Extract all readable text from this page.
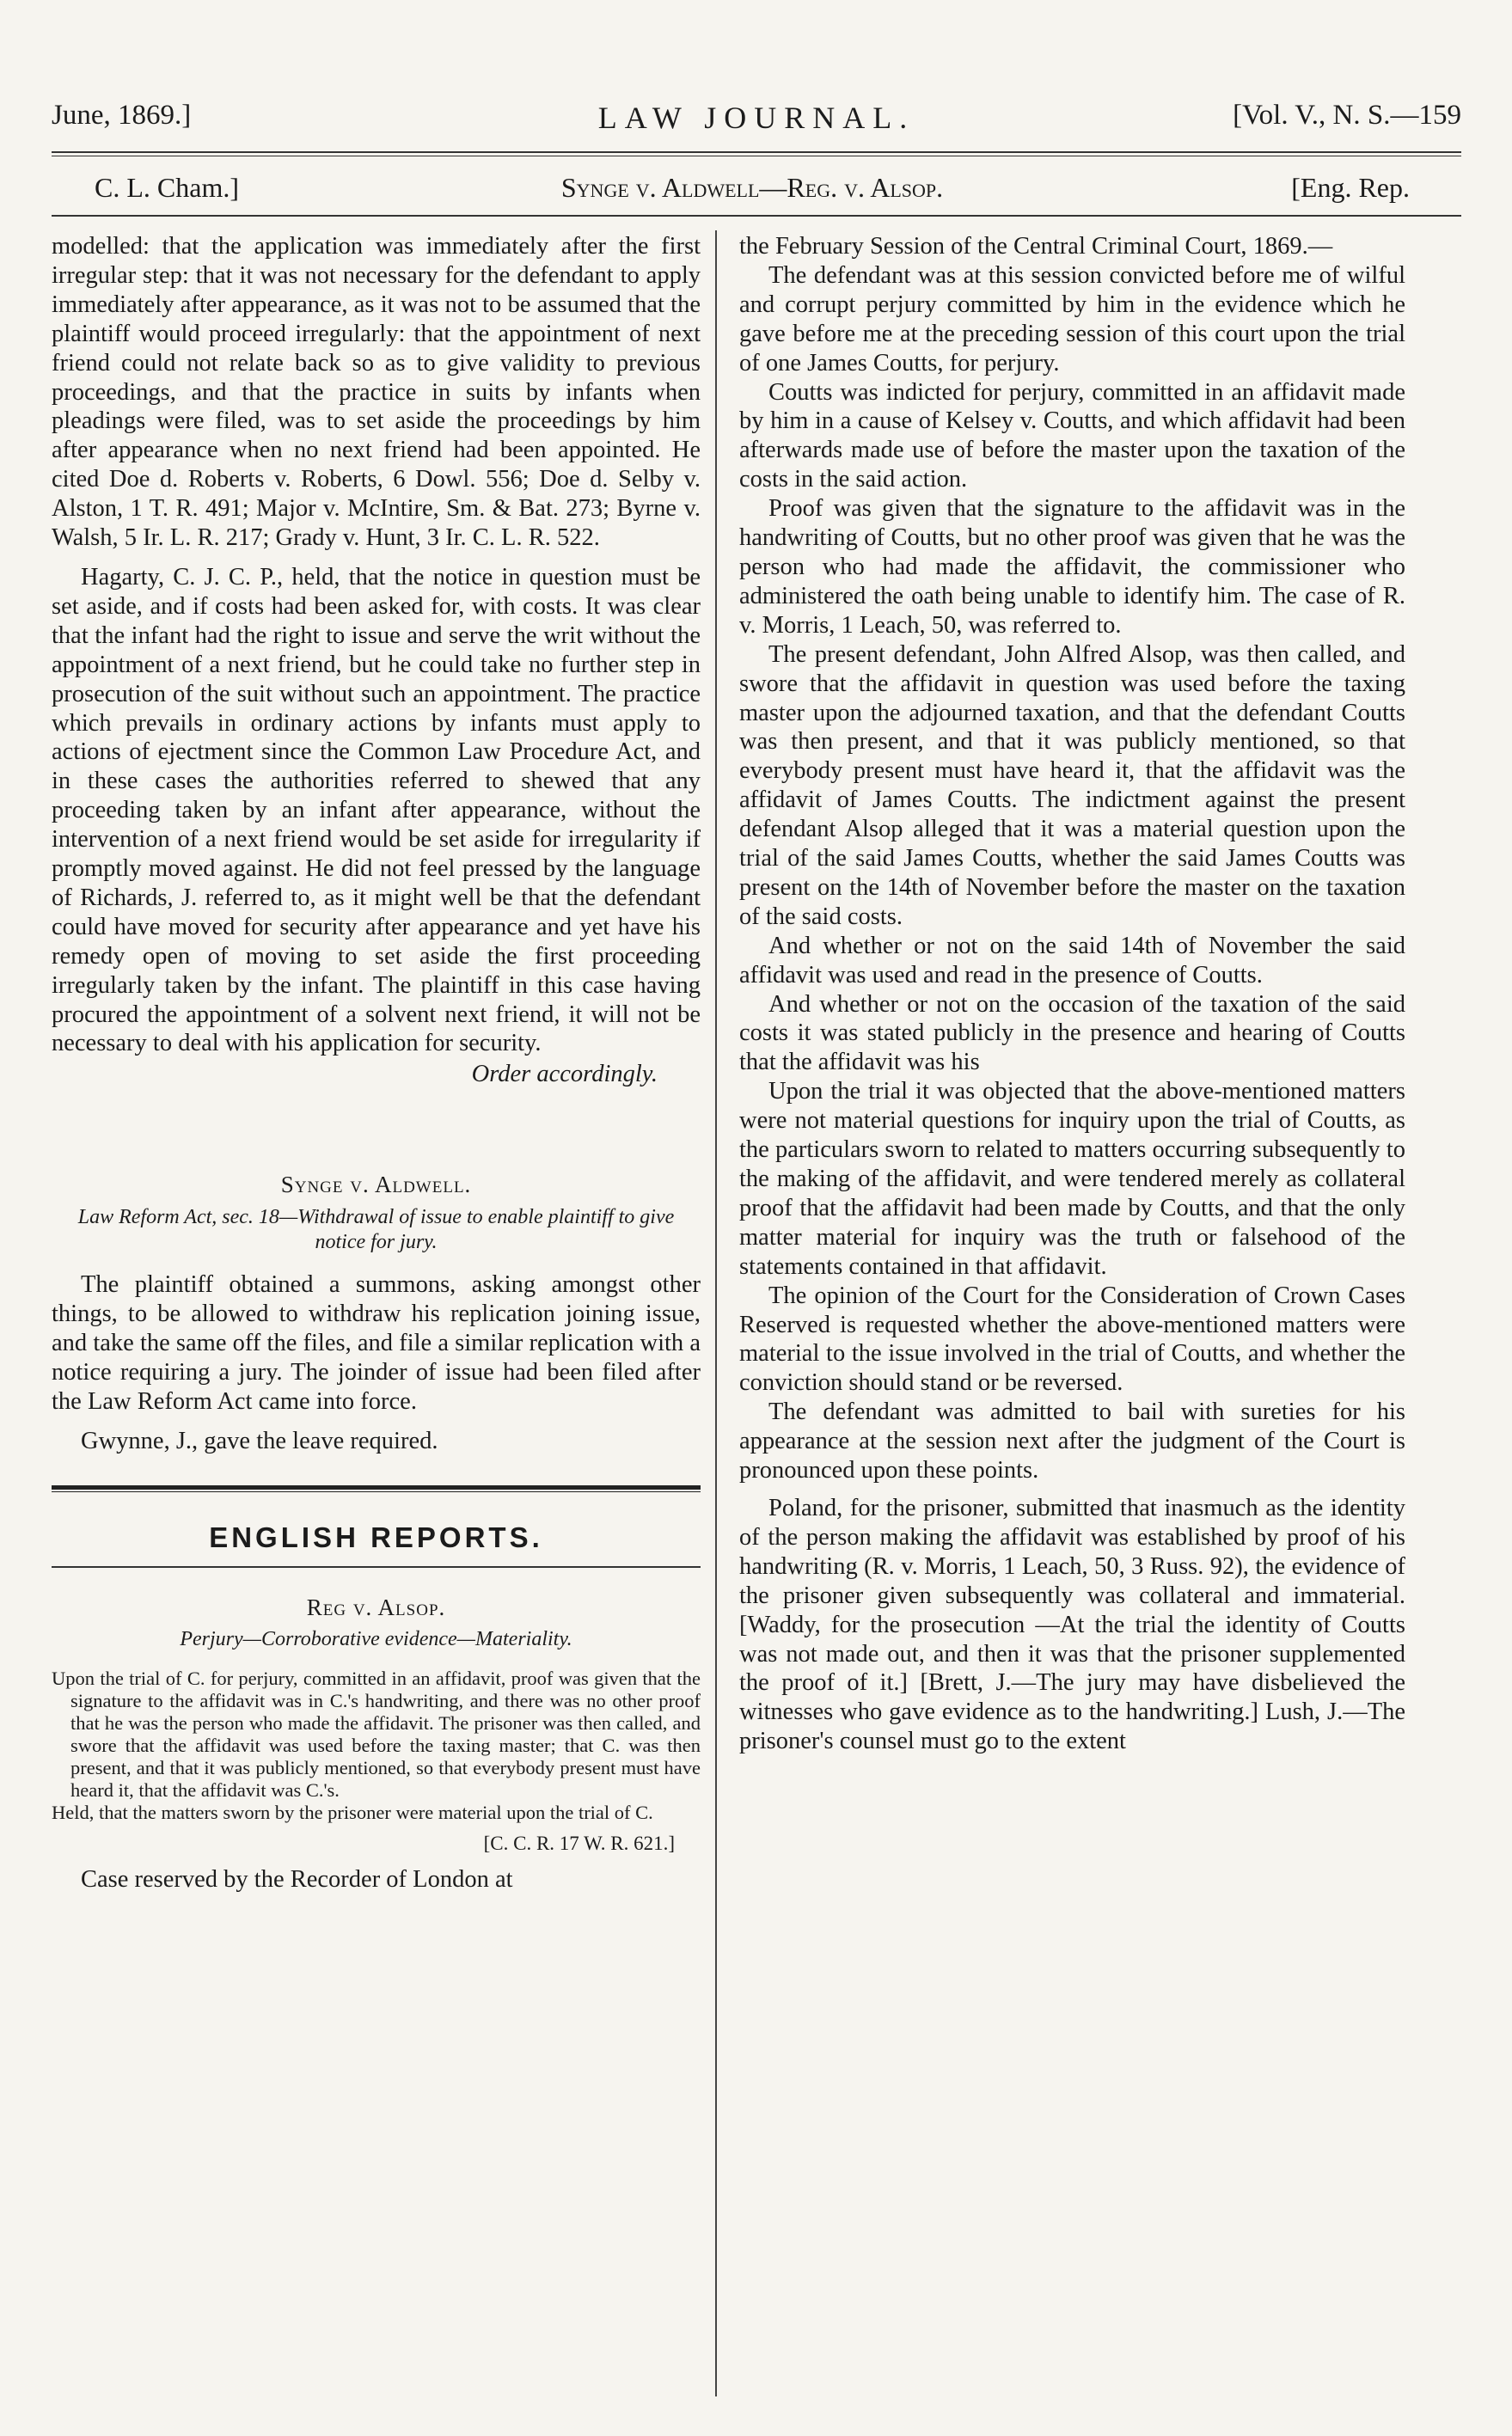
June, 1869.]	LAW JOURNAL.	[Vol. V., N. S.—159
C. L. Cham.]	Synge v. Aldwell—Reg. v. Alsop.	[Eng. Rep.

modelled: that the application was immediately after the first irregular step: that it was not necessary for the defendant to apply immediately after appearance, as it was not to be assumed that the plaintiff would proceed irregularly: that the appointment of next friend could not relate back so as to give validity to previous proceedings, and that the practice in suits by infants when pleadings were filed, was to set aside the proceedings by him after appearance when no next friend had been appointed. He cited Doe d. Roberts v. Roberts, 6 Dowl. 556; Doe d. Selby v. Alston, 1 T. R. 491; Major v. McIntire, Sm. & Bat. 273; Byrne v. Walsh, 5 Ir. L. R. 217; Grady v. Hunt, 3 Ir. C. L. R. 522.

Hagarty, C. J. C. P., held, that the notice in question must be set aside, and if costs had been asked for, with costs. It was clear that the infant had the right to issue and serve the writ without the appointment of a next friend, but he could take no further step in prosecution of the suit without such an appointment. The practice which prevails in ordinary actions by infants must apply to actions of ejectment since the Common Law Procedure Act, and in these cases the authorities referred to shewed that any proceeding taken by an infant after appearance, without the intervention of a next friend would be set aside for irregularity if promptly moved against. He did not feel pressed by the language of Richards, J. referred to, as it might well be that the defendant could have moved for security after appearance and yet have his remedy open of moving to set aside the first proceeding irregularly taken by the infant. The plaintiff in this case having procured the appointment of a solvent next friend, it will not be necessary to deal with his application for security.

Order accordingly.

Synge v. Aldwell.

Law Reform Act, sec. 18—Withdrawal of issue to enable plaintiff to give notice for jury.

The plaintiff obtained a summons, asking amongst other things, to be allowed to withdraw his replication joining issue, and take the same off the files, and file a similar replication with a notice requiring a jury. The joinder of issue had been filed after the Law Reform Act came into force.

Gwynne, J., gave the leave required.

ENGLISH REPORTS.

Reg v. Alsop.

Perjury—Corroborative evidence—Materiality.

Upon the trial of C. for perjury, committed in an affidavit, proof was given that the signature to the affidavit was in C.'s handwriting, and there was no other proof that he was the person who made the affidavit. The prisoner was then called, and swore that the affidavit was used before the taxing master; that C. was then present, and that it was publicly mentioned, so that everybody present must have heard it, that the affidavit was C.'s.

Held, that the matters sworn by the prisoner were material upon the trial of C.

[C. C. R. 17 W. R. 621.]

Case reserved by the Recorder of London at

the February Session of the Central Criminal Court, 1869.—

The defendant was at this session convicted before me of wilful and corrupt perjury committed by him in the evidence which he gave before me at the preceding session of this court upon the trial of one James Coutts, for perjury.

Coutts was indicted for perjury, committed in an affidavit made by him in a cause of Kelsey v. Coutts, and which affidavit had been afterwards made use of before the master upon the taxation of the costs in the said action.

Proof was given that the signature to the affidavit was in the handwriting of Coutts, but no other proof was given that he was the person who had made the affidavit, the commissioner who administered the oath being unable to identify him. The case of R. v. Morris, 1 Leach, 50, was referred to.

The present defendant, John Alfred Alsop, was then called, and swore that the affidavit in question was used before the taxing master upon the adjourned taxation, and that the defendant Coutts was then present, and that it was publicly mentioned, so that everybody present must have heard it, that the affidavit was the affidavit of James Coutts. The indictment against the present defendant Alsop alleged that it was a material question upon the trial of the said James Coutts, whether the said James Coutts was present on the 14th of November before the master on the taxation of the said costs.

And whether or not on the said 14th of November the said affidavit was used and read in the presence of Coutts.

And whether or not on the occasion of the taxation of the said costs it was stated publicly in the presence and hearing of Coutts that the affidavit was his

Upon the trial it was objected that the above-mentioned matters were not material questions for inquiry upon the trial of Coutts, as the particulars sworn to related to matters occurring subsequently to the making of the affidavit, and were tendered merely as collateral proof that the affidavit had been made by Coutts, and that the only matter material for inquiry was the truth or falsehood of the statements contained in that affidavit.

The opinion of the Court for the Consideration of Crown Cases Reserved is requested whether the above-mentioned matters were material to the issue involved in the trial of Coutts, and whether the conviction should stand or be reversed.

The defendant was admitted to bail with sureties for his appearance at the session next after the judgment of the Court is pronounced upon these points.

Poland, for the prisoner, submitted that inasmuch as the identity of the person making the affidavit was established by proof of his handwriting (R. v. Morris, 1 Leach, 50, 3 Russ. 92), the evidence of the prisoner given subsequently was collateral and immaterial. [Waddy, for the prosecution —At the trial the identity of Coutts was not made out, and then it was that the prisoner supplemented the proof of it.] [Brett, J.—The jury may have disbelieved the witnesses who gave evidence as to the handwriting.] Lush, J.—The prisoner's counsel must go to the extent
